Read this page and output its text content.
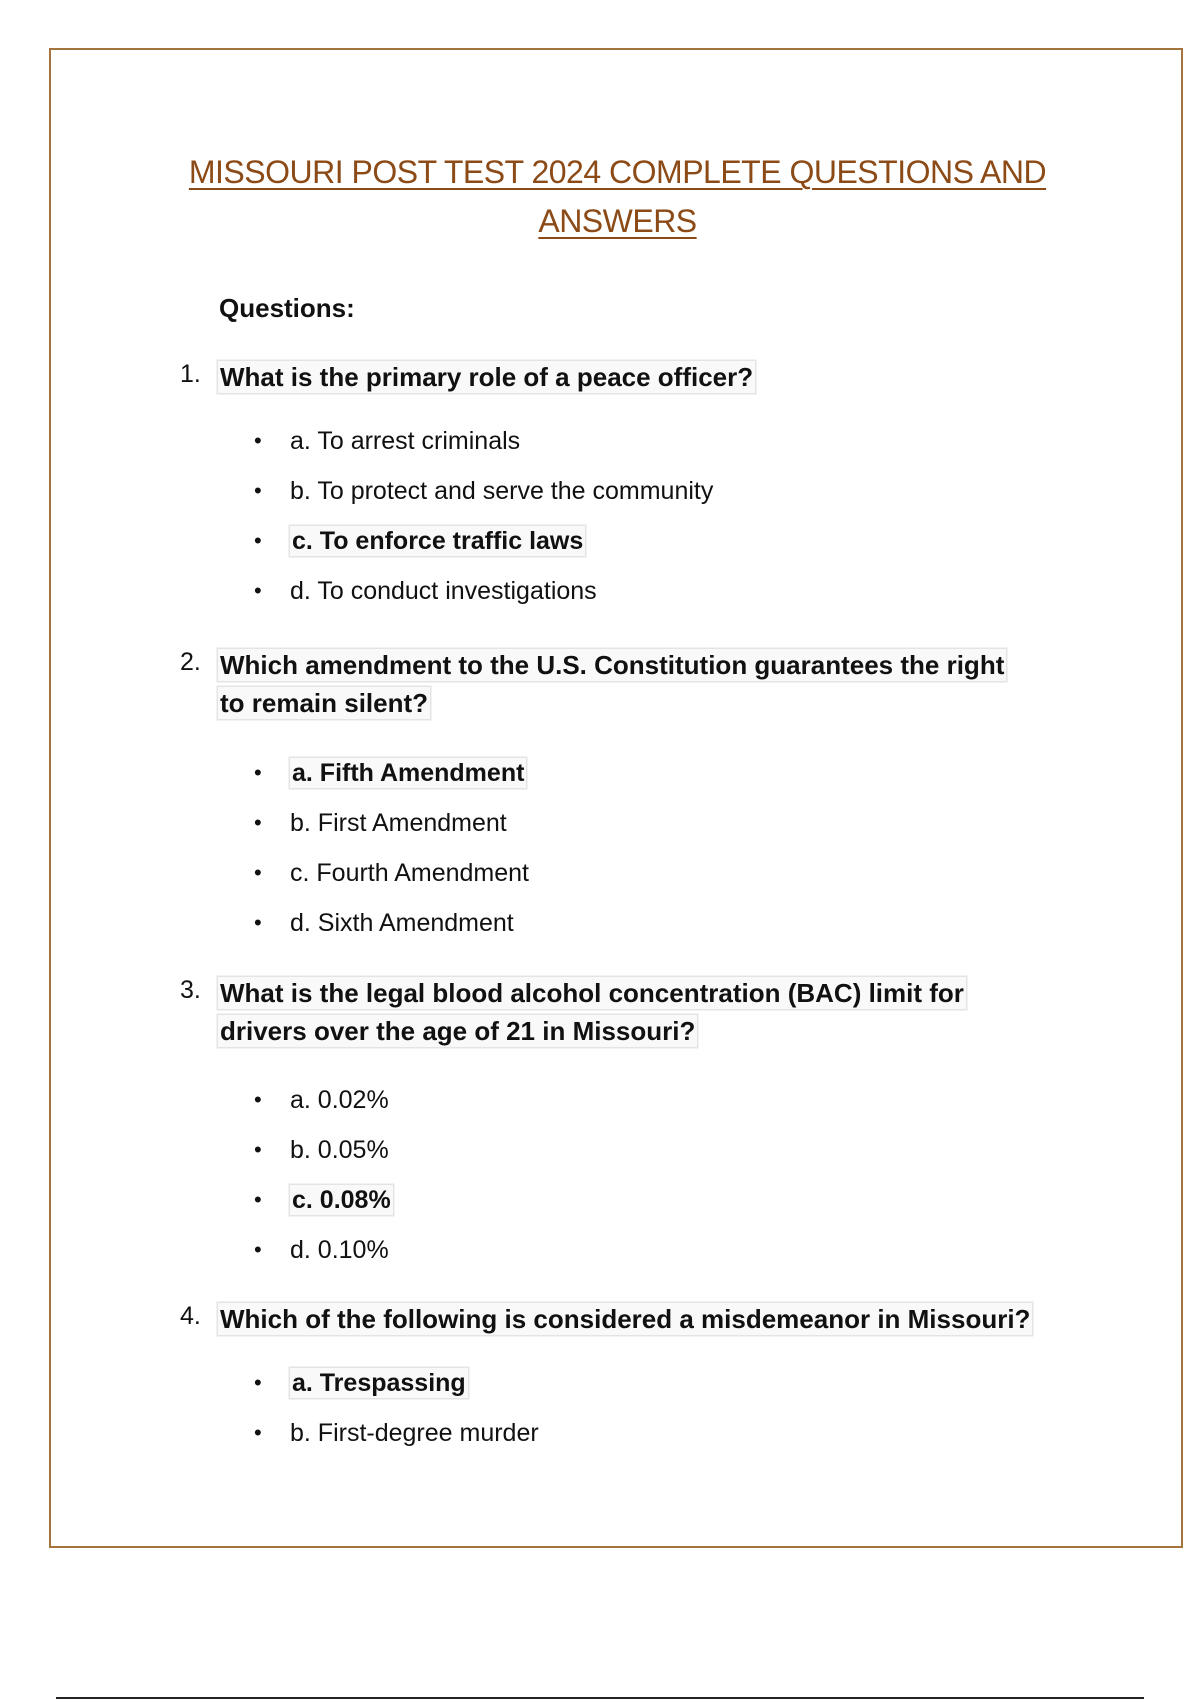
MISSOURI POST TEST 2024 COMPLETE QUESTIONS AND
ANSWERS
Questions:
1. What is the primary role of a peace officer?
• a. To arrest criminals
• b. To protect and serve the community
• c. To enforce traffic laws
• d. To conduct investigations
2. Which amendment to the U.S. Constitution guarantees the right
to remain silent?
• a. Fifth Amendment
• b. First Amendment
• c. Fourth Amendment
• d. Sixth Amendment
3. What is the legal blood alcohol concentration (BAC) limit for
drivers over the age of 21 in Missouri?
• a. 0.02%
• b. 0.05%
• c. 0.08%
• d. 0.10%
4. Which of the following is considered a misdemeanor in Missouri?
• a. Trespassing
• b. First-degree murder
